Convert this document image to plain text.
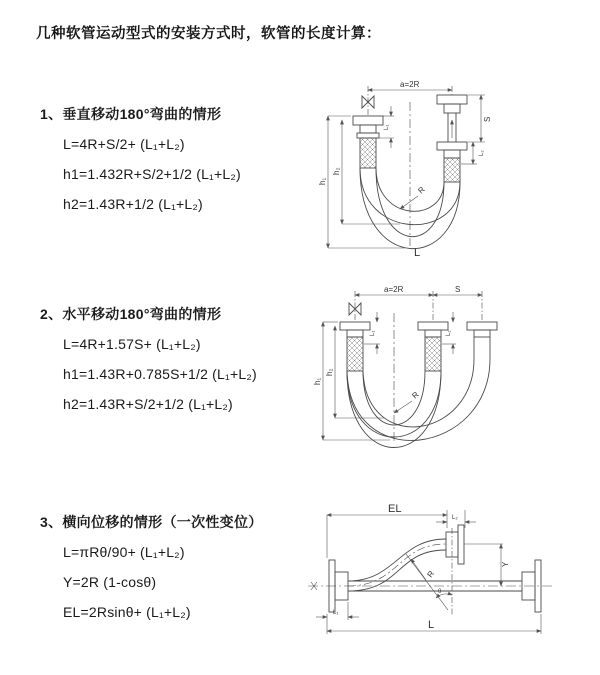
几种软管运动型式的安装方式时，软管的长度计算：
1、垂直移动180°弯曲的情形
L=4R+S/2+ (L₁+L₂)
h1=1.432R+S/2+1/2 (L₁+L₂)
h2=1.43R+1/2 (L₁+L₂)
2、水平移动180°弯曲的情形
L=4R+1.57S+ (L₁+L₂)
h1=1.43R+0.785S+1/2 (L₁+L₂)
h2=1.43R+S/2+1/2 (L₁+L₂)
3、横向位移的情形（一次性变位）
L=πRθ/90+ (L₁+L₂)
Y=2R (1-cosθ)
EL=2Rsinθ+ (L₁+L₂)
a=2R
h₁
h₂
L₁
S
L₂
R
L
a=2R	S
h₁
h₂
L₁	L₂
R
EL
L₂
Y
L
L₁
R
θ
